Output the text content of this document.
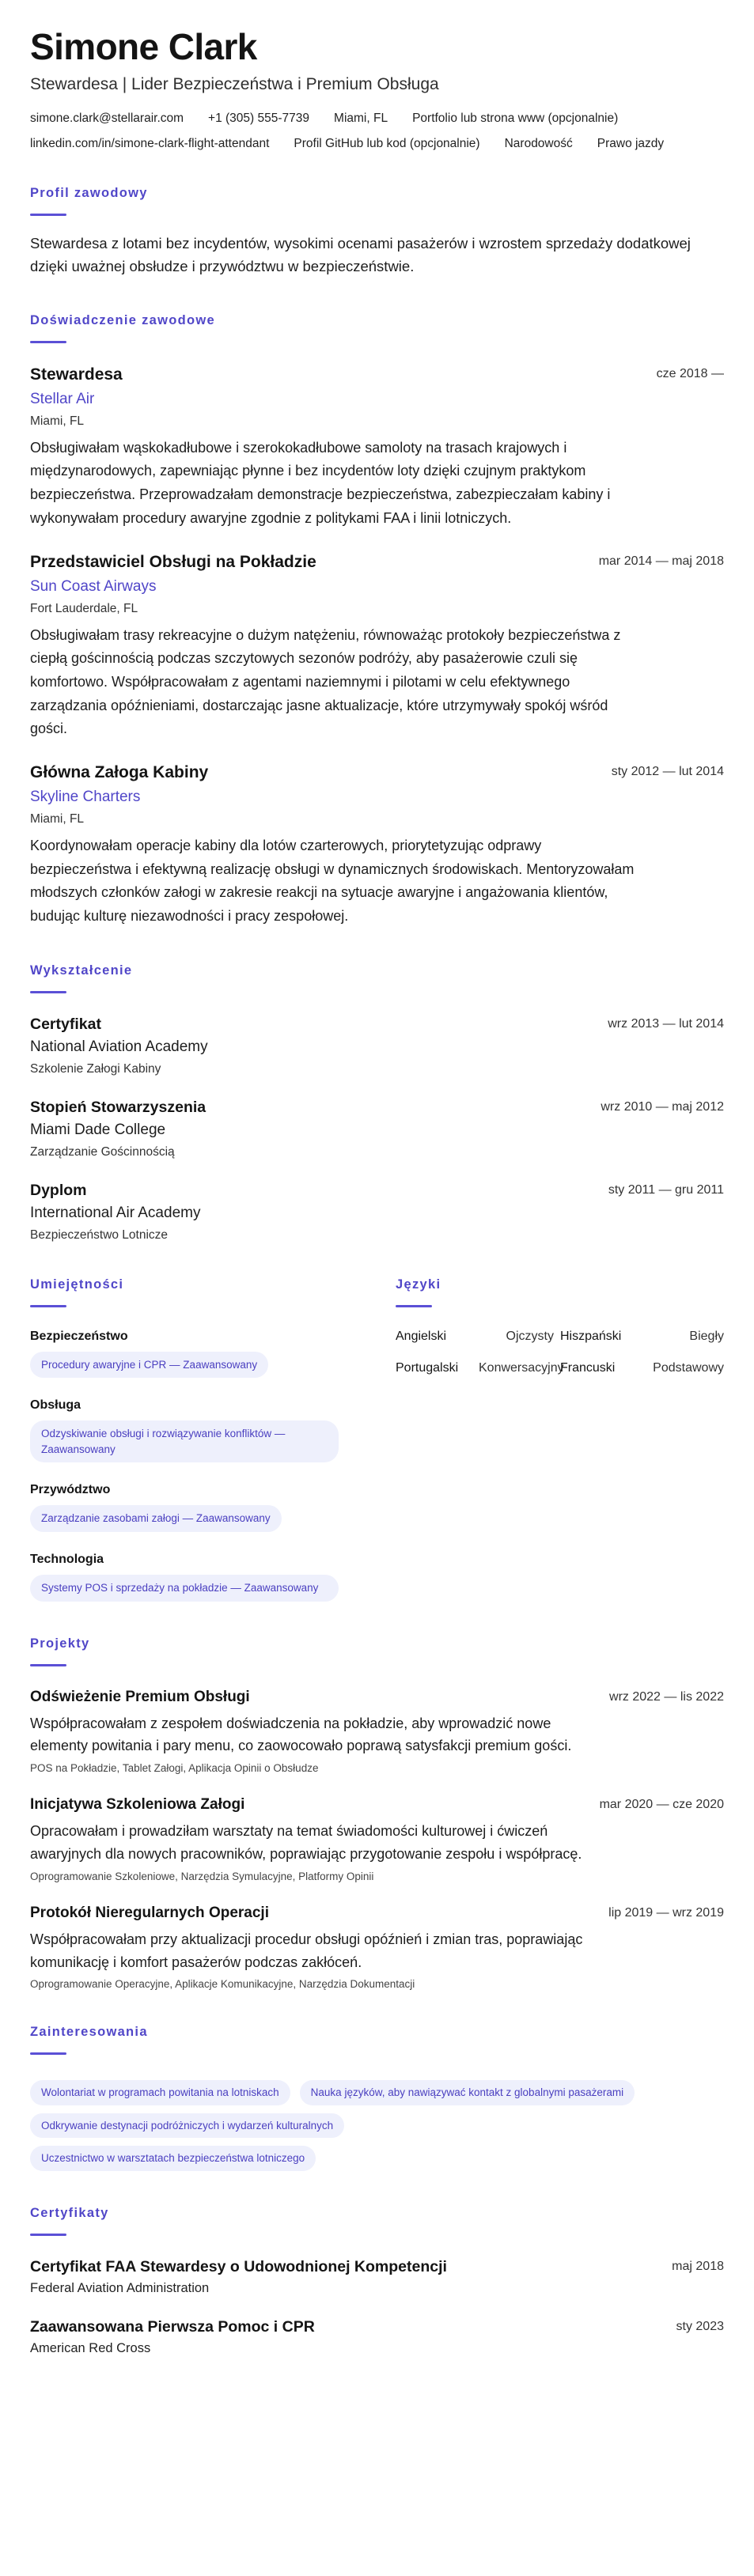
Simone Clark
Stewardesa | Lider Bezpieczeństwa i Premium Obsługa
simone.clark@stellarair.com +1 (305) 555-7739 Miami, FL Portfolio lub strona www (opcjonalnie)
linkedin.com/in/simone-clark-flight-attendant Profil GitHub lub kod (opcjonalnie) Narodowość Prawo jazdy
Profil zawodowy
Stewardesa z lotami bez incydentów, wysokimi ocenami pasażerów i wzrostem sprzedaży dodatkowej dzięki uważnej obsłudze i przywództwu w bezpieczeństwie.
Doświadczenie zawodowe
Stewardesa	cze 2018 —
Stellar Air
Miami, FL
Obsługiwałam wąskokadłubowe i szerokokadłubowe samoloty na trasach krajowych i międzynarodowych, zapewniając płynne i bez incydentów loty dzięki czujnym praktykom bezpieczeństwa. Przeprowadzałam demonstracje bezpieczeństwa, zabezpieczałam kabiny i wykonywałam procedury awaryjne zgodnie z politykami FAA i linii lotniczych.
Przedstawiciel Obsługi na Pokładzie	mar 2014 — maj 2018
Sun Coast Airways
Fort Lauderdale, FL
Obsługiwałam trasy rekreacyjne o dużym natężeniu, równoważąc protokoły bezpieczeństwa z ciepłą gościnnością podczas szczytowych sezonów podróży, aby pasażerowie czuli się komfortowo. Współpracowałam z agentami naziemnymi i pilotami w celu efektywnego zarządzania opóźnieniami, dostarczając jasne aktualizacje, które utrzymywały spokój wśród gości.
Główna Załoga Kabiny	sty 2012 — lut 2014
Skyline Charters
Miami, FL
Koordynowałam operacje kabiny dla lotów czarterowych, priorytetyzując odprawy bezpieczeństwa i efektywną realizację obsługi w dynamicznych środowiskach. Mentoryzowałam młodszych członków załogi w zakresie reakcji na sytuacje awaryjne i angażowania klientów, budując kulturę niezawodności i pracy zespołowej.
Wykształcenie
Certyfikat	wrz 2013 — lut 2014
National Aviation Academy
Szkolenie Załogi Kabiny
Stopień Stowarzyszenia	wrz 2010 — maj 2012
Miami Dade College
Zarządzanie Gościnnością
Dyplom	sty 2011 — gru 2011
International Air Academy
Bezpieczeństwo Lotnicze
Umiejętności
Bezpieczeństwo
Procedury awaryjne i CPR — Zaawansowany
Obsługa
Odzyskiwanie obsługi i rozwiązywanie konfliktów — Zaawansowany
Przywództwo
Zarządzanie zasobami załogi — Zaawansowany
Technologia
Systemy POS i sprzedaży na pokładzie — Zaawansowany
Języki
Angielski	Ojczysty Hiszpański	Biegły
Portugalski	Konwersacyjny
Francuski	Podstawowy
Projekty
Odświeżenie Premium Obsługi	wrz 2022 — lis 2022
Współpracowałam z zespołem doświadczenia na pokładzie, aby wprowadzić nowe elementy powitania i pary menu, co zaowocowało poprawą satysfakcji premium gości.
POS na Pokładzie, Tablet Załogi, Aplikacja Opinii o Obsłudze
Inicjatywa Szkoleniowa Załogi	mar 2020 — cze 2020
Opracowałam i prowadziłam warsztaty na temat świadomości kulturowej i ćwiczeń awaryjnych dla nowych pracowników, poprawiając przygotowanie zespołu i współpracę.
Oprogramowanie Szkoleniowe, Narzędzia Symulacyjne, Platformy Opinii
Protokół Nieregularnych Operacji	lip 2019 — wrz 2019
Współpracowałam przy aktualizacji procedur obsługi opóźnień i zmian tras, poprawiając komunikację i komfort pasażerów podczas zakłóceń.
Oprogramowanie Operacyjne, Aplikacje Komunikacyjne, Narzędzia Dokumentacji
Zainteresowania
Wolontariat w programach powitania na lotniskach	Nauka języków, aby nawiązywać kontakt z globalnymi pasażerami
Odkrywanie destynacji podróżniczych i wydarzeń kulturalnych
Uczestnictwo w warsztatach bezpieczeństwa lotniczego
Certyfikaty
Certyfikat FAA Stewardesy o Udowodnionej Kompetencji	maj 2018
Federal Aviation Administration
Zaawansowana Pierwsza Pomoc i CPR	sty 2023
American Red Cross
